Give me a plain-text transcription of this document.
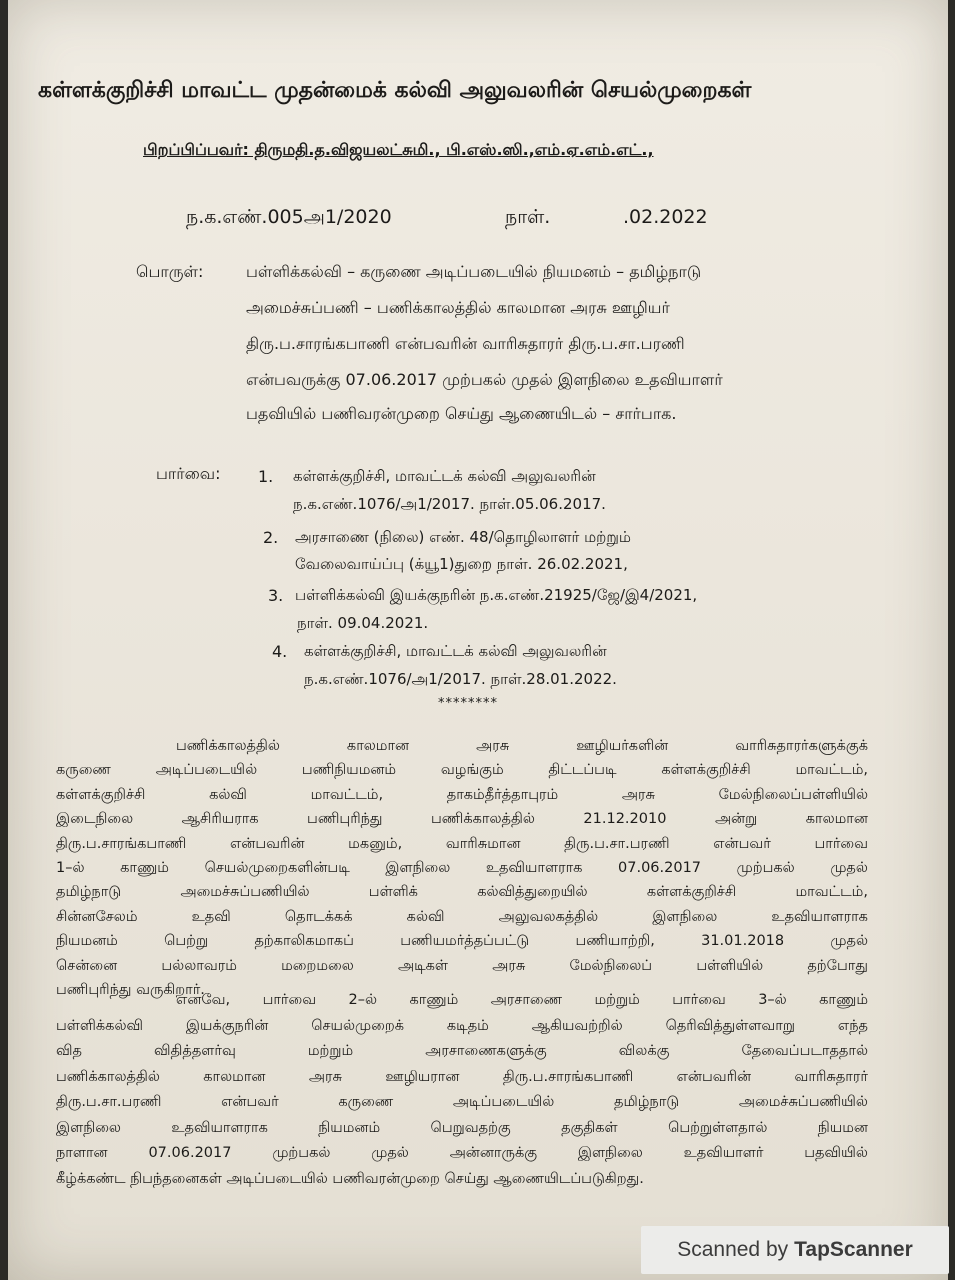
கள்ளக்குறிச்சி மாவட்ட முதன்மைக் கல்வி அலுவலரின் செயல்முறைகள்
பிறப்பிப்பவர்: திருமதி.த.விஜயலட்சுமி., பி.எஸ்.ஸி.,எம்.ஏ.எம்.எட்.,
ந.க.எண்.005அ1/2020	நாள்.	.02.2022
பொருள்:	பள்ளிக்கல்வி – கருணை அடிப்படையில் நியமனம் – தமிழ்நாடு
அமைச்சுப்பணி – பணிக்காலத்தில் காலமான அரசு ஊழியர்
திரு.ப.சாரங்கபாணி என்பவரின் வாரிசுதாரர் திரு.ப.சா.பரணி
என்பவருக்கு 07.06.2017 முற்பகல் முதல் இளநிலை உதவியாளர்
பதவியில் பணிவரன்முறை செய்து ஆணையிடல் – சார்பாக.
பார்வை: 1. கள்ளக்குறிச்சி, மாவட்டக் கல்வி அலுவலரின்
ந.க.எண்.1076/அ1/2017. நாள்.05.06.2017.
2. அரசாணை (நிலை) எண். 48/தொழிலாளர் மற்றும்
வேலைவாய்ப்பு (க்யூ1)துறை நாள். 26.02.2021,
3. பள்ளிக்கல்வி இயக்குநரின் ந.க.எண்.21925/ஜே/இ4/2021,
நாள். 09.04.2021.
4. கள்ளக்குறிச்சி, மாவட்டக் கல்வி அலுவலரின்
ந.க.எண்.1076/அ1/2017. நாள்.28.01.2022.
********
பணிக்காலத்தில்	காலமான	அரசு	ஊழியர்களின்	வாரிசுதாரர்களுக்குக்
கருணை	அடிப்படையில்	பணிநியமனம்	வழங்கும்	திட்டப்படி	கள்ளக்குறிச்சி	மாவட்டம்,
கள்ளக்குறிச்சி	கல்வி	மாவட்டம்,	தாகம்தீர்த்தாபுரம்	அரசு	மேல்நிலைப்பள்ளியில்
இடைநிலை	ஆசிரியராக	பணிபுரிந்து	பணிக்காலத்தில்	21.12.2010	அன்று	காலமான
திரு.ப.சாரங்கபாணி	என்பவரின்	மகனும்,	வாரிசுமான	திரு.ப.சா.பரணி	என்பவர்	பார்வை
1–ல் காணும் செயல்முறைகளின்படி இளநிலை உதவியாளராக 07.06.2017 முற்பகல் முதல்
தமிழ்நாடு	அமைச்சுப்பணியில்	பள்ளிக்	கல்வித்துறையில்	கள்ளக்குறிச்சி	மாவட்டம்,
சின்னசேலம்	உதவி	தொடக்கக்	கல்வி	அலுவலகத்தில்	இளநிலை	உதவியாளராக
நியமனம்	பெற்று	தற்காலிகமாகப்	பணியமர்த்தப்பட்டு	பணியாற்றி,	31.01.2018	முதல்
சென்னை	பல்லாவரம்	மறைமலை	அடிகள்	அரசு	மேல்நிலைப்	பள்ளியில்	தற்போது
பணிபுரிந்து வருகிறார்.
எனவே, பார்வை 2–ல் காணும் அரசாணை மற்றும் பார்வை 3–ல் காணும்
பள்ளிக்கல்வி	இயக்குநரின்	செயல்முறைக்	கடிதம்	ஆகியவற்றில்	தெரிவித்துள்ளவாறு	எந்த
வித	விதித்தளர்வு	மற்றும்	அரசாணைகளுக்கு	விலக்கு	தேவைப்படாததால்
பணிக்காலத்தில்	காலமான	அரசு	ஊழியரான	திரு.ப.சாரங்கபாணி	என்பவரின்	வாரிசுதாரர்
திரு.ப.சா.பரணி	என்பவர்	கருணை	அடிப்படையில்	தமிழ்நாடு	அமைச்சுப்பணியில்
இளநிலை	உதவியாளராக	நியமனம்	பெறுவதற்கு	தகுதிகள்	பெற்றுள்ளதால்	நியமன
நாளான	07.06.2017	முற்பகல்	முதல்	அன்னாருக்கு	இளநிலை	உதவியாளர்	பதவியில்
கீழ்க்கண்ட நிபந்தனைகள் அடிப்படையில் பணிவரன்முறை செய்து ஆணையிடப்படுகிறது.
Scanned by TapScanner
